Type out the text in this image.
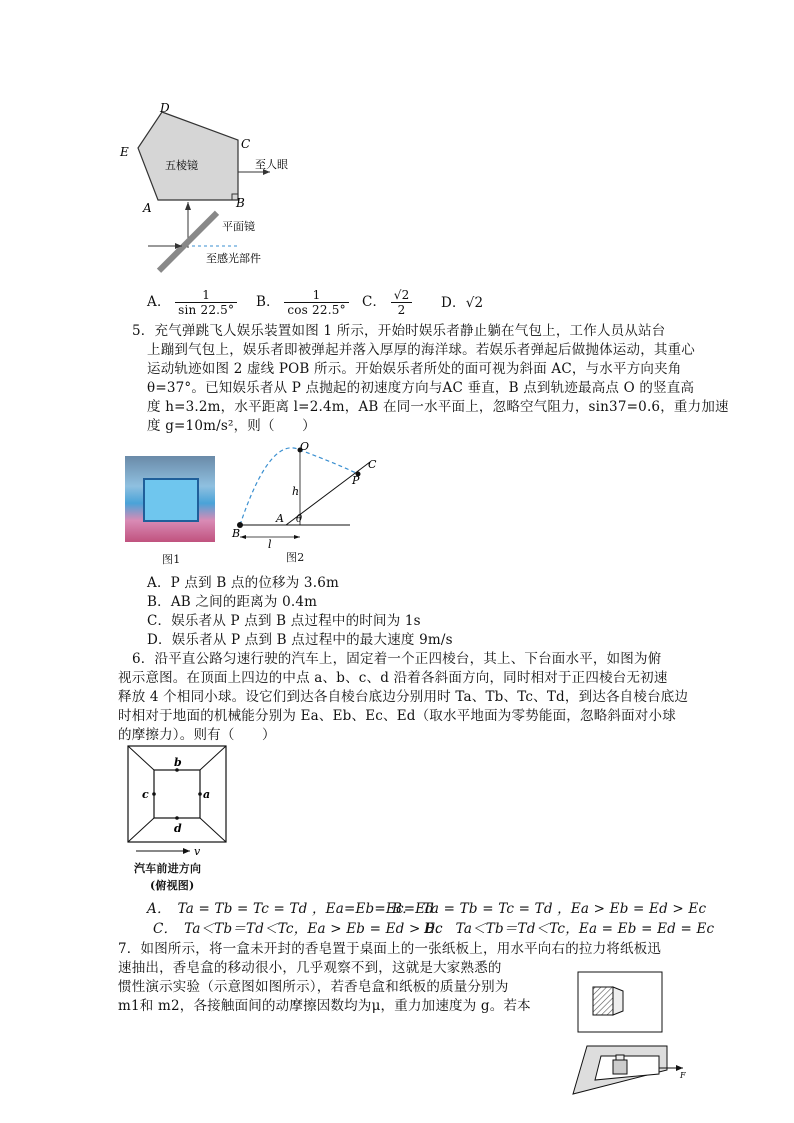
D
C
E
A	B
五棱镜	至人眼
平面镜
至感光部件
A． $\frac{1}{\sin 22.5^\circ}$ B． $\frac{1}{\cos 22.5^\circ}$ C． $\frac{√2}{2}$ D．√2
5．充气弹跳飞人娱乐装置如图 1 所示，开始时娱乐者静止躺在气包上，工作人员从站台
上蹦到气包上，娱乐者即被弹起并落入厚厚的海洋球。若娱乐者弹起后做抛体运动，其重心
运动轨迹如图 2 虚线 POB 所示。开始娱乐者所处的面可视为斜面 AC，与水平方向夹角
θ=37°。已知娱乐者从 P 点抛起的初速度方向与AC 垂直，B 点到轨迹最高点 O 的竖直高
度 h=3.2m，水平距离 l=2.4m，AB 在同一水平面上，忽略空气阻力，sin37=0.6，重力加速
度 g=10m/s²，则（　　）
图1
O
C
P
h
A θ
B
l
图2
A．P 点到 B 点的位移为 3.6m
B．AB 之间的距离为 0.4m
C．娱乐者从 P 点到 B 点过程中的时间为 1s
D．娱乐者从 P 点到 B 点过程中的最大速度 9m/s
6．沿平直公路匀速行驶的汽车上，固定着一个正四棱台，其上、下台面水平，如图为俯
视示意图。在顶面上四边的中点 a、b、c、d 沿着各斜面方向，同时相对于正四棱台无初速
释放 4 个相同小球。设它们到达各自棱台底边分别用时 Ta、Tb、Tc、Td，到达各自棱台底边
时相对于地面的机械能分别为 Ea、Eb、Ec、Ed（取水平地面为零势能面，忽略斜面对小球
的摩擦力）。则有（　　）
b
a
c
d
v
汽车前进方向
(俯视图)
A．　Ta = Tb = Tc = Td ，Ea=Eb=Ec=Ed
B．　Ta = Tb = Tc = Td ，Ea > Eb = Ed > Ec
C．　Ta＜Tb＝Td＜Tc，Ea > Eb = Ed > Ec
D．　Ta＜Tb＝Td＜Tc，Ea = Eb = Ed = Ec
7．如图所示，将一盒未开封的香皂置于桌面上的一张纸板上，用水平向右的拉力将纸板迅
速抽出，香皂盒的移动很小，几乎观察不到，这就是大家熟悉的
惯性演示实验（示意图如图所示），若香皂盒和纸板的质量分别为
m1和 m2，各接触面间的动摩擦因数均为μ，重力加速度为 g。若本
F
